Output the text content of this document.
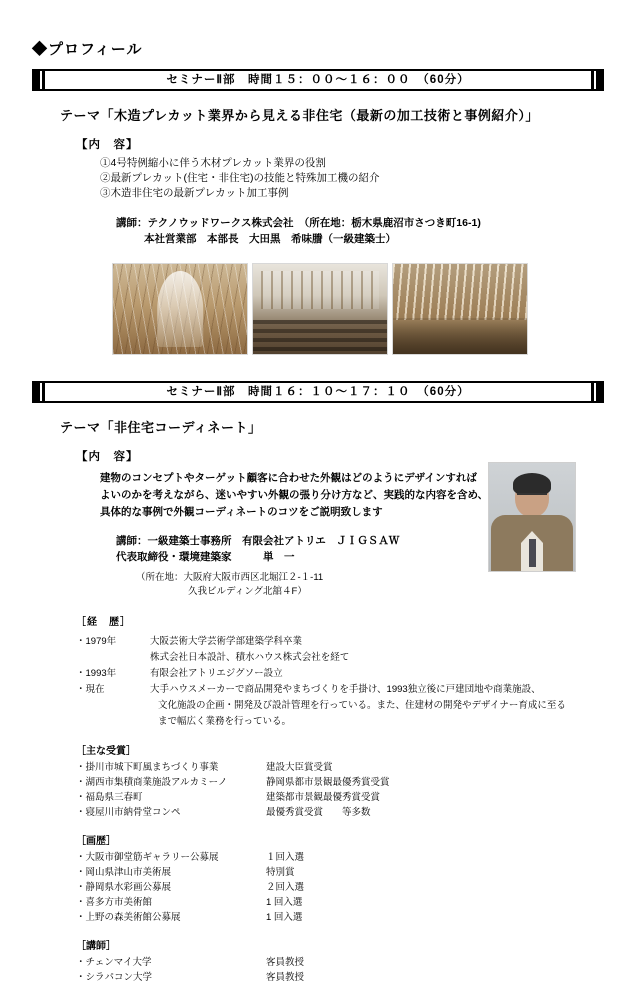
◆プロフィール
セミナーⅡ部　時間１５：００～１６：００　（60分）
テーマ「木造プレカット業界から見える非住宅（最新の加工技術と事例紹介）」
【内　容】
①4号特例縮小に伴う木材プレカット業界の役割
②最新プレカット(住宅・非住宅)の技能と特殊加工機の紹介
③木造非住宅の最新プレカット加工事例
講師：テクノウッドワークス株式会社　（所在地：栃木県鹿沼市さつき町16-1)
本社営業部　本部長　大田黒　希味謄（一級建築士）
セミナーⅡ部　時間１６：１０～１７：１０　（60分）
テーマ「非住宅コーディネート」
【内　容】
建物のコンセプトやターゲット顧客に合わせた外観はどのようにデザインすれば
よいのかを考えながら、迷いやすい外観の張り分け方など、実践的な内容を含め、
具体的な事例で外観コーディネートのコツをご説明致します
講師：一級建築士事務所　有限会社アトリエ　ＪＩＧＳＡＷ
代表取締役・環境建築家　　　単　一
（所在地：大阪府大阪市西区北堀江２-１-11
久我ビルディング北舘４F）
［経　歴］
・1979年	大阪芸術大学芸術学部建築学科卒業
株式会社日本設計、積水ハウス株式会社を経て
・1993年	有限会社アトリエジグソー設立
・現在	大手ハウスメーカーで商品開発やまちづくりを手掛け、1993独立後に戸建団地や商業施設、
文化施設の企画・開発及び設計管理を行っている。また、住建材の開発やデザイナー育成に至る
まで幅広く業務を行っている。
［主な受賞］
・掛川市城下町風まちづくり事業	建設大臣賞受賞
・湖西市集積商業施設アルカミーノ	静岡県都市景観最優秀賞受賞
・福島県三春町	建築都市景観最優秀賞受賞
・寝屋川市納骨堂コンペ	最優秀賞受賞　　等多数
［画歴］
・大阪市御堂筋ギャラリー公募展	１回入選
・岡山県津山市美術展	特別賞
・静岡県水彩画公募展	２回入選
・喜多方市美術館	1 回入選
・上野の森美術館公募展	1 回入選
［講師］
・チェンマイ大学	客員教授
・シラパコン大学	客員教授
